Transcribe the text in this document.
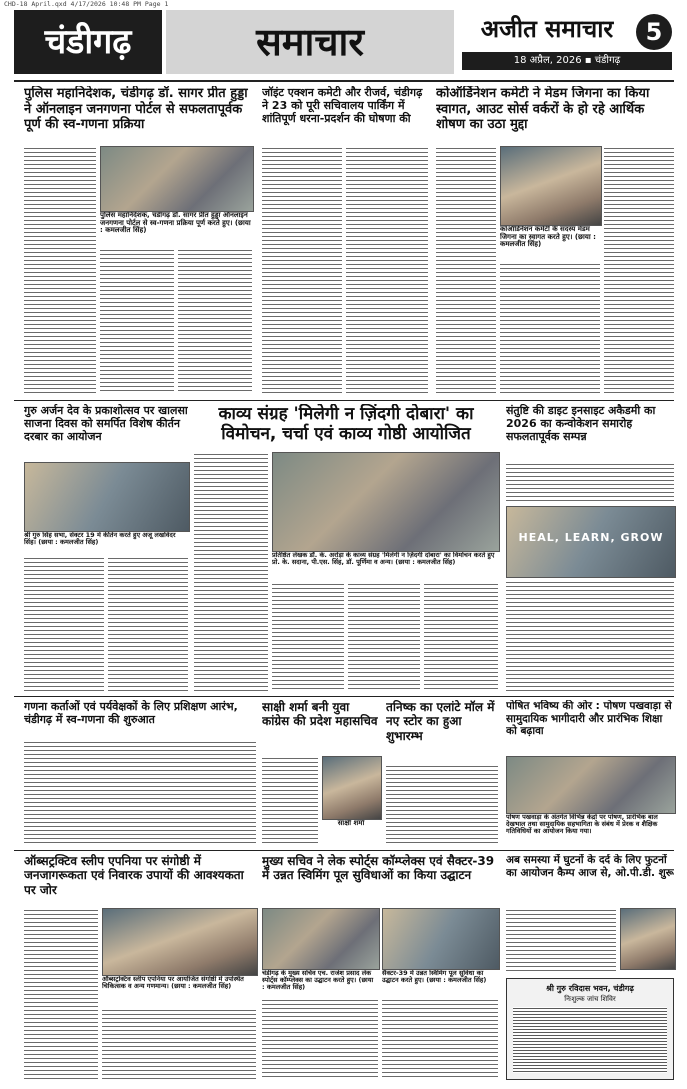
CHD-18 April.qxd 4/17/2026 10:48 PM Page 1
चंडीगढ़	समाचार	अजीत समाचार	5
18 अप्रैल, 2026 ▪ चंडीगढ़
पुलिस महानिदेशक, चंडीगढ़ डॉ. सागर प्रीत हुड्डा ने ऑनलाइन जनगणना पोर्टल से सफलतापूर्वक पूर्ण की स्व-गणना प्रक्रिया
पुलिस महानिदेशक, चंडीगढ़ डॉ. सागर प्रीत हुड्डा ऑनलाइन जनगणना पोर्टल से स्व-गणना प्रक्रिया पूर्ण करते हुए। (छाया : कमलजीत सिंह)
जॉइंट एक्शन कमेटी और रीजर्व, चंडीगढ़ ने 23 को पूरी सचिवालय पार्किंग में शांतिपूर्ण धरना-प्रदर्शन की घोषणा की
कोऑर्डिनेशन कमेटी ने मेडम जिगना का किया स्वागत, आउट सोर्स वर्करों के हो रहे आर्थिक शोषण का उठा मुद्दा
कोऑर्डिनेशन कमेटी के सदस्य मेडम जिगना का स्वागत करते हुए। (छाया : कमलजीत सिंह)
गुरु अर्जन देव के प्रकाशोत्सव पर खालसा साजना दिवस को समर्पित विशेष कीर्तन दरबार का आयोजन
श्री गुरु सिंह सभा, सेक्टर 19 में कीर्तन करते हुए अजू लखविंदर सिंह। (छाया : कमलजीत सिंह)
काव्य संग्रह 'मिलेगी न ज़िंदगी दोबारा' का विमोचन, चर्चा एवं काव्य गोष्ठी आयोजित
प्रतिष्ठित लेखक डॉ. के. अरोड़ा के काव्य संग्रह 'मिलेगी न ज़िंदगी दोबारा' का विमोचन करते हुए प्रो. के. सदाना, पी.एस. सिंह, डॉ. पूर्णिमा व अन्य। (छाया : कमलजीत सिंह)
संतुष्टि की डाइट इनसाइट अकैडमी का 2026 का कन्वोकेशन समारोह सफलतापूर्वक सम्पन्न
HEAL, LEARN, GROW
गणना कर्ताओं एवं पर्यवेक्षकों के लिए प्रशिक्षण आरंभ, चंडीगढ़ में स्व-गणना की शुरुआत
साक्षी शर्मा बनी युवा कांग्रेस की प्रदेश महासचिव
साक्षी शर्मा
तनिष्क का एलांटे मॉल में नए स्टोर का हुआ शुभारम्भ
पोषित भविष्य की ओर : पोषण पखवाड़ा से सामुदायिक भागीदारी और प्रारंभिक शिक्षा को बढ़ावा
पोषण पखवाड़ा के अंतर्गत विभिन्न केंद्रों पर पोषण, प्रारंभिक बाल देखभाल तथा सामुदायिक सहभागिता के संबंध में प्रेरक व शैक्षिक गतिविधियों का आयोजन किया गया।
ऑब्सट्रक्टिव स्लीप एपनिया पर संगोष्ठी में जनजागरूकता एवं निवारक उपायों की आवश्यकता पर जोर
ऑब्सट्रक्टिव स्लीप एपनिया पर आयोजित संगोष्ठी में उपस्थित चिकित्सक व अन्य गणमान्य। (छाया : कमलजीत सिंह)
मुख्य सचिव ने लेक स्पोर्ट्स कॉम्प्लेक्स एवं सैक्टर-39 में उन्नत स्विमिंग पूल सुविधाओं का किया उद्घाटन
चंडीगढ़ के मुख्य सचिव एच. राजेश प्रसाद लेक स्पोर्ट्स कॉम्प्लेक्स का उद्घाटन करते हुए। (छाया : कमलजीत सिंह)
सैक्टर-39 में उन्नत स्विमिंग पूल सुविधा का उद्घाटन करते हुए। (छाया : कमलजीत सिंह)
अब समस्या में घुटनों के दर्द के लिए फुटनों का आयोजन कैम्प आज से, ओ.पी.डी. शुरू
श्री गुरु रविदास भवन, चंडीगढ़
निःशुल्क जांच शिविर
